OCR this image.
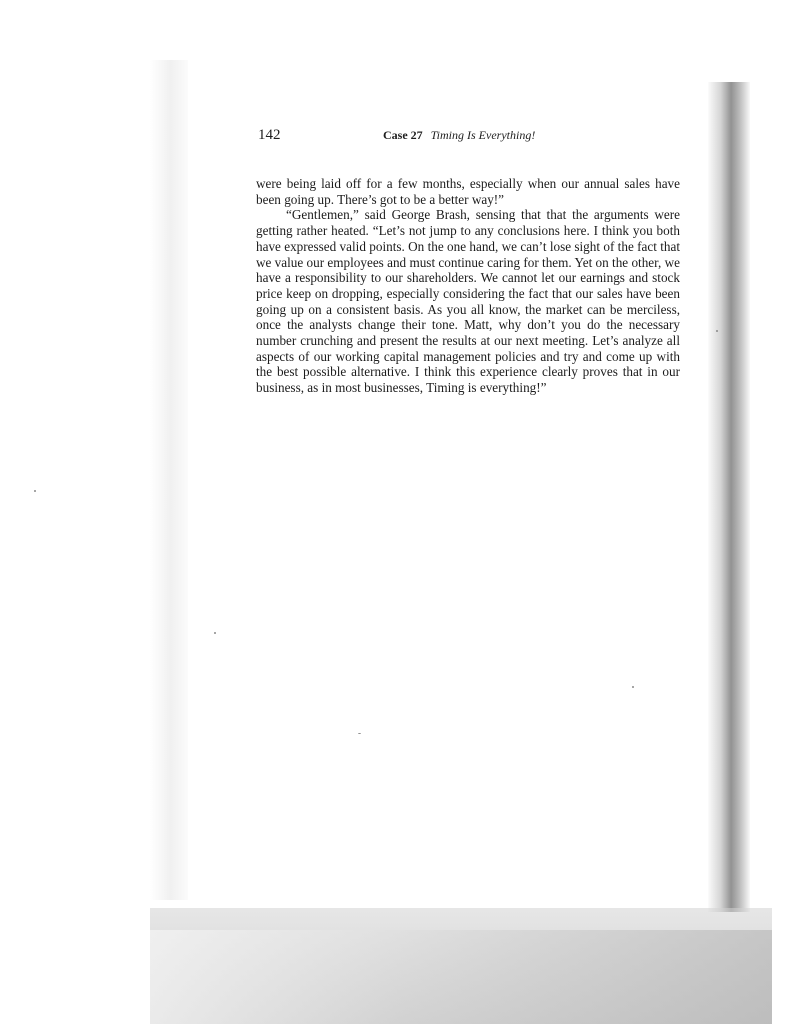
142	Case 27 Timing Is Everything!

were being laid off for a few months, especially when our annual sales have been going up. There’s got to be a better way!”

“Gentlemen,” said George Brash, sensing that that the arguments were getting rather heated. “Let’s not jump to any conclusions here. I think you both have expressed valid points. On the one hand, we can’t lose sight of the fact that we value our employees and must continue caring for them. Yet on the other, we have a responsibility to our shareholders. We cannot let our earnings and stock price keep on dropping, especially considering the fact that our sales have been going up on a consistent basis. As you all know, the market can be merciless, once the analysts change their tone. Matt, why don’t you do the necessary number crunching and present the results at our next meeting. Let’s analyze all aspects of our working capital management policies and try and come up with the best possible alternative. I think this experience clearly proves that in our business, as in most businesses, Timing is everything!”
